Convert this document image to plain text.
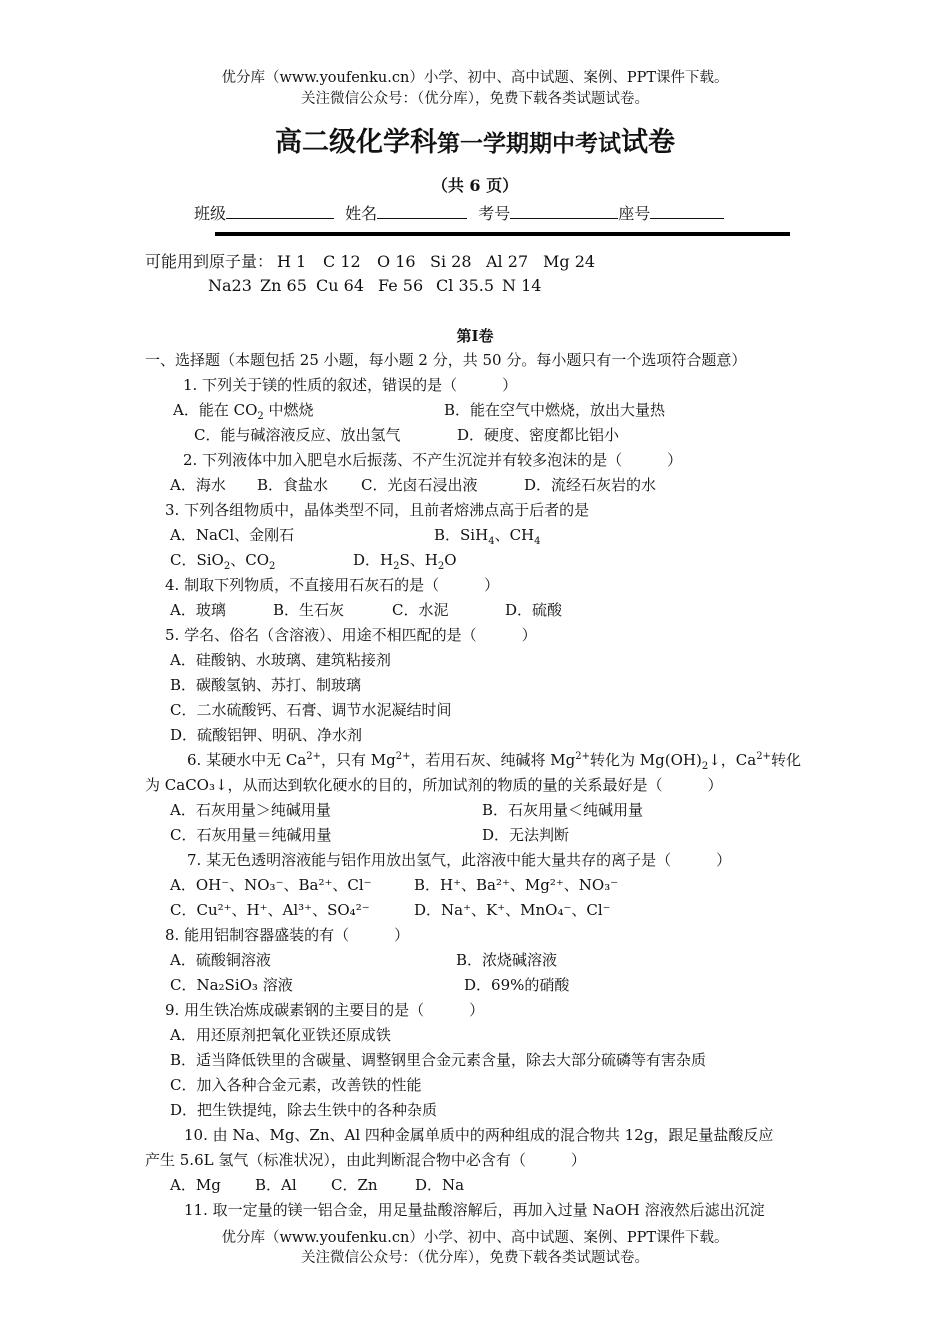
优分库（www.youfenku.cn）小学、初中、高中试题、案例、PPT课件下载。
关注微信公众号：（优分库），免费下载各类试题试卷。
高二级化学科第一学期期中考试试卷
（共 6 页）
班级	姓名	考号	座号
可能用到原子量： H 1 C 12 O 16 Si 28 Al 27 Mg 24
Na23 Zn 65 Cu 64 Fe 56 Cl 35.5 N 14
第Ⅰ卷
一、选择题（本题包括 25 小题，每小题 2 分，共 50 分。每小题只有一个选项符合题意）
1. 下列关于镁的性质的叙述，错误的是（　　　）
A．能在 $CO_2$ 中燃烧	B．能在空气中燃烧，放出大量热
C．能与碱溶液反应、放出氢气	D．硬度、密度都比铝小
2. 下列液体中加入肥皂水后振荡、不产生沉淀并有较多泡沫的是（　　　）
A．海水 B．食盐水 C．光卤石浸出液	D．流经石灰岩的水
3. 下列各组物质中，晶体类型不同，且前者熔沸点高于后者的是
A．NaCl、金刚石	B．SiH$_4$、$CH_4$
C．SiO$_2$、$CO_2$	D．$H_2S$、$H_2O$
4. 制取下列物质，不直接用石灰石的是（　　　）
A．玻璃	B．生石灰	C．水泥	D．硫酸
5. 学名、俗名（含溶液）、用途不相匹配的是（　　　）
A．硅酸钠、水玻璃、建筑粘接剂
B．碳酸氢钠、苏打、制玻璃
C．二水硫酸钙、石膏、调节水泥凝结时间
D．硫酸铝钾、明矾、净水剂
6. 某硬水中无 $Ca^{2+}$，只有 $Mg^{2+}$，若用石灰、纯碱将 $Mg^{2+}$转化为 $Mg(OH)_2↓$，$Ca^{2+}$转化
为 CaCO₃↓，从而达到软化硬水的目的，所加试剂的物质的量的关系最好是（　　　）
A．石灰用量＞纯碱用量	B．石灰用量＜纯碱用量
C．石灰用量＝纯碱用量	D．无法判断
7. 某无色透明溶液能与铝作用放出氢气，此溶液中能大量共存的离子是（　　　）
A．OH⁻、NO₃⁻、Ba²⁺、Cl⁻	B．H⁺、Ba²⁺、Mg²⁺、NO₃⁻
C．Cu²⁺、H⁺、Al³⁺、SO₄²⁻	D．Na⁺、K⁺、MnO₄⁻、Cl⁻
8. 能用铝制容器盛装的有（　　　）
A．硫酸铜溶液	B．浓烧碱溶液
C．Na₂SiO₃ 溶液	D．69%的硝酸
9. 用生铁冶炼成碳素钢的主要目的是（　　　）
A．用还原剂把氧化亚铁还原成铁
B．适当降低铁里的含碳量、调整钢里合金元素含量，除去大部分硫磷等有害杂质
C．加入各种合金元素，改善铁的性能
D．把生铁提纯，除去生铁中的各种杂质
10. 由 Na、Mg、Zn、Al 四种金属单质中的两种组成的混合物共 12g，跟足量盐酸反应
产生 5.6L 氢气（标准状况），由此判断混合物中必含有（　　　）
A．Mg B．Al C．Zn D．Na
11. 取一定量的镁一铝合金，用足量盐酸溶解后，再加入过量 NaOH 溶液然后滤出沉淀
优分库（www.youfenku.cn）小学、初中、高中试题、案例、PPT课件下载。
关注微信公众号：（优分库），免费下载各类试题试卷。
